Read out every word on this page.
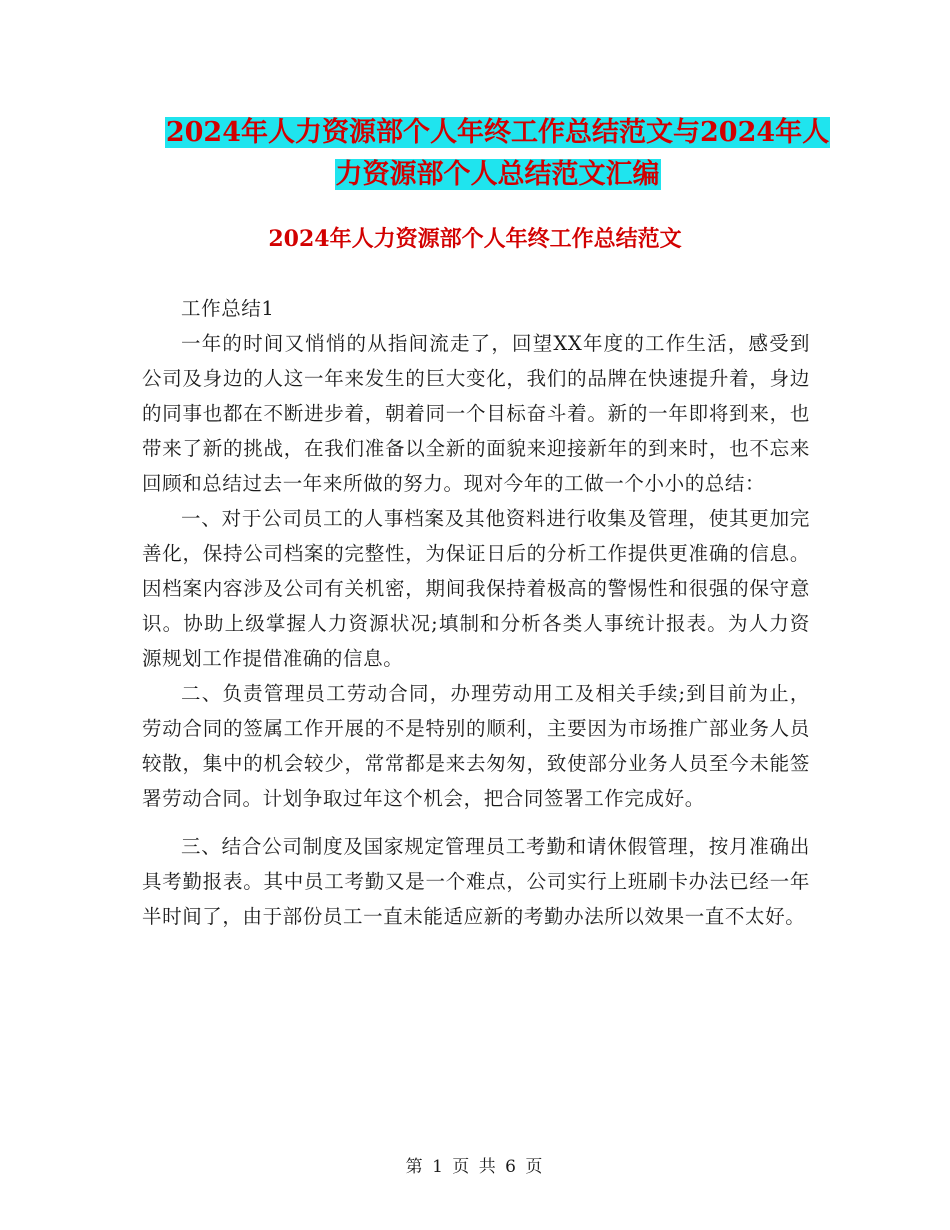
2024年人力资源部个人年终工作总结范文与2024年人
力资源部个人总结范文汇编
2024年人力资源部个人年终工作总结范文

工作总结1

一年的时间又悄悄的从指间流走了，回望XX年度的工作生活，感受到公司及身边的人这一年来发生的巨大变化，我们的品牌在快速提升着，身边的同事也都在不断进步着，朝着同一个目标奋斗着。新的一年即将到来，也带来了新的挑战，在我们准备以全新的面貌来迎接新年的到来时，也不忘来回顾和总结过去一年来所做的努力。现对今年的工做一个小小的总结：

一、对于公司员工的人事档案及其他资料进行收集及管理，使其更加完善化，保持公司档案的完整性，为保证日后的分析工作提供更准确的信息。因档案内容涉及公司有关机密，期间我保持着极高的警惕性和很强的保守意识。协助上级掌握人力资源状况;填制和分析各类人事统计报表。为人力资源规划工作提借准确的信息。

二、负责管理员工劳动合同，办理劳动用工及相关手续;到目前为止，劳动合同的签属工作开展的不是特别的顺利，主要因为市场推广部业务人员较散，集中的机会较少，常常都是来去匆匆，致使部分业务人员至今未能签署劳动合同。计划争取过年这个机会，把合同签署工作完成好。

三、结合公司制度及国家规定管理员工考勤和请休假管理，按月准确出具考勤报表。其中员工考勤又是一个难点，公司实行上班刷卡办法已经一年半时间了，由于部份员工一直未能适应新的考勤办法所以效果一直不太好。

第 1 页 共 6 页
